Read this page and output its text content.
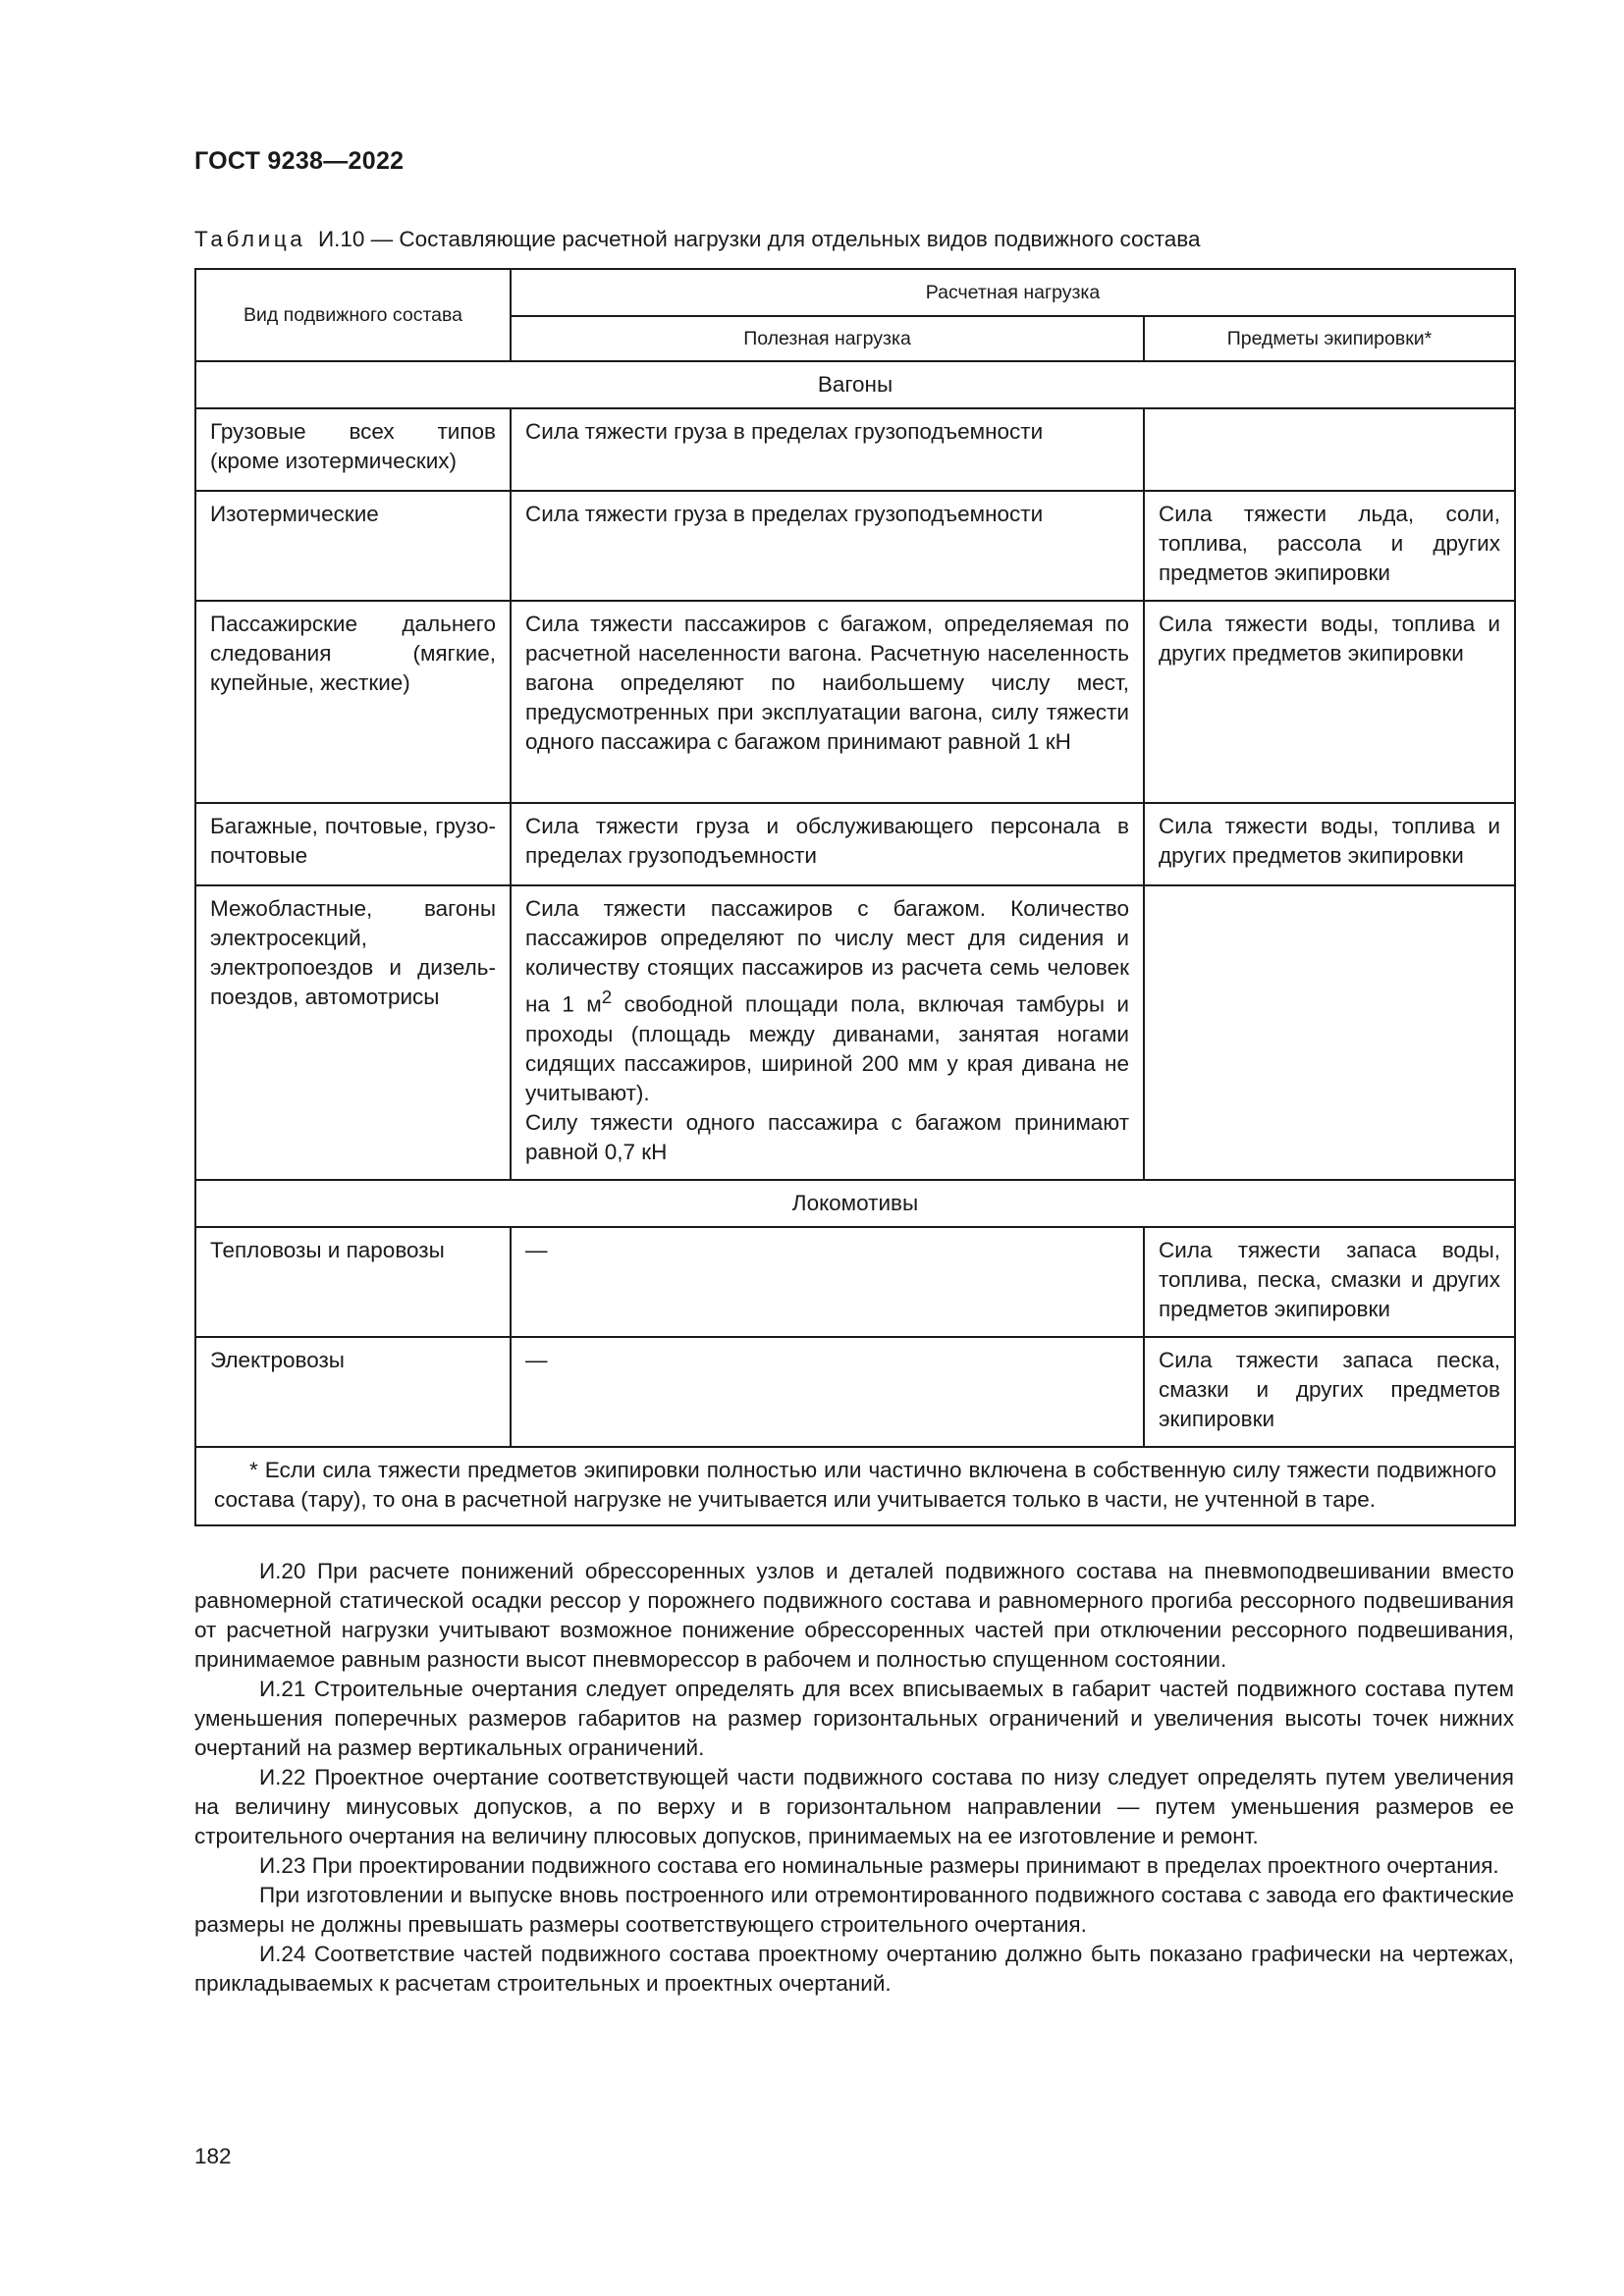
ГОСТ 9238—2022
Таблица И.10 — Составляющие расчетной нагрузки для отдельных видов подвижного состава
Вид подвижного состава	Расчетная нагрузка	
	Полезная нагрузка	Предметы экипировки*
Вагоны		
Грузовые всех типов (кроме изотермических)	Сила тяжести груза в пределах грузоподъемности	
Изотермические	Сила тяжести груза в пределах грузоподъемности	Сила тяжести льда, соли, топлива, рассола и других предметов экипировки
Пассажирские дальнего следования (мягкие, купейные, жесткие)	Сила тяжести пассажиров с багажом, определяемая по расчетной населенности вагона. Расчетную населенность вагона определяют по наибольшему числу мест, предусмотренных при эксплуатации вагона, силу тяжести одного пассажира с багажом принимают равной 1 кН	Сила тяжести воды, топлива и других предметов экипировки
Багажные, почтовые, грузо-почтовые	Сила тяжести груза и обслуживающего персонала в пределах грузоподъемности	Сила тяжести воды, топлива и других предметов экипировки
Межобластные, вагоны электросекций, электропоездов и дизель-поездов, автомотрисы	Сила тяжести пассажиров с багажом. Количество пассажиров определяют по числу мест для сидения и количеству стоящих пассажиров из расчета семь человек на 1 $м^2$ свободной площади пола, включая тамбуры и проходы (площадь между диванами, занятая ногами сидящих пассажиров, шириной 200 мм у края дивана не учитывают).
Силу тяжести одного пассажира с багажом принимают равной 0,7 кН	
Локомотивы		
Тепловозы и паровозы	—	Сила тяжести запаса воды, топлива, песка, смазки и других предметов экипировки
Электровозы	—	Сила тяжести запаса песка, смазки и других предметов экипировки
* Если сила тяжести предметов экипировки полностью или частично включена в собственную силу тяжести подвижного состава (тару), то она в расчетной нагрузке не учитывается или учитывается только в части, не учтенной в таре.		

И.20 При расчете понижений обрессоренных узлов и деталей подвижного состава на пневмоподвешивании вместо равномерной статической осадки рессор у порожнего подвижного состава и равномерного прогиба рессорного подвешивания от расчетной нагрузки учитывают возможное понижение обрессоренных частей при отключении рессорного подвешивания, принимаемое равным разности высот пневморессор в рабочем и полностью спущенном состоянии.

И.21 Строительные очертания следует определять для всех вписываемых в габарит частей подвижного состава путем уменьшения поперечных размеров габаритов на размер горизонтальных ограничений и увеличения высоты точек нижних очертаний на размер вертикальных ограничений.

И.22 Проектное очертание соответствующей части подвижного состава по низу следует определять путем увеличения на величину минусовых допусков, а по верху и в горизонтальном направлении — путем уменьшения размеров ее строительного очертания на величину плюсовых допусков, принимаемых на ее изготовление и ремонт.

И.23 При проектировании подвижного состава его номинальные размеры принимают в пределах проектного очертания.

При изготовлении и выпуске вновь построенного или отремонтированного подвижного состава с завода его фактические размеры не должны превышать размеры соответствующего строительного очертания.

И.24 Соответствие частей подвижного состава проектному очертанию должно быть показано графически на чертежах, прикладываемых к расчетам строительных и проектных очертаний.

182
